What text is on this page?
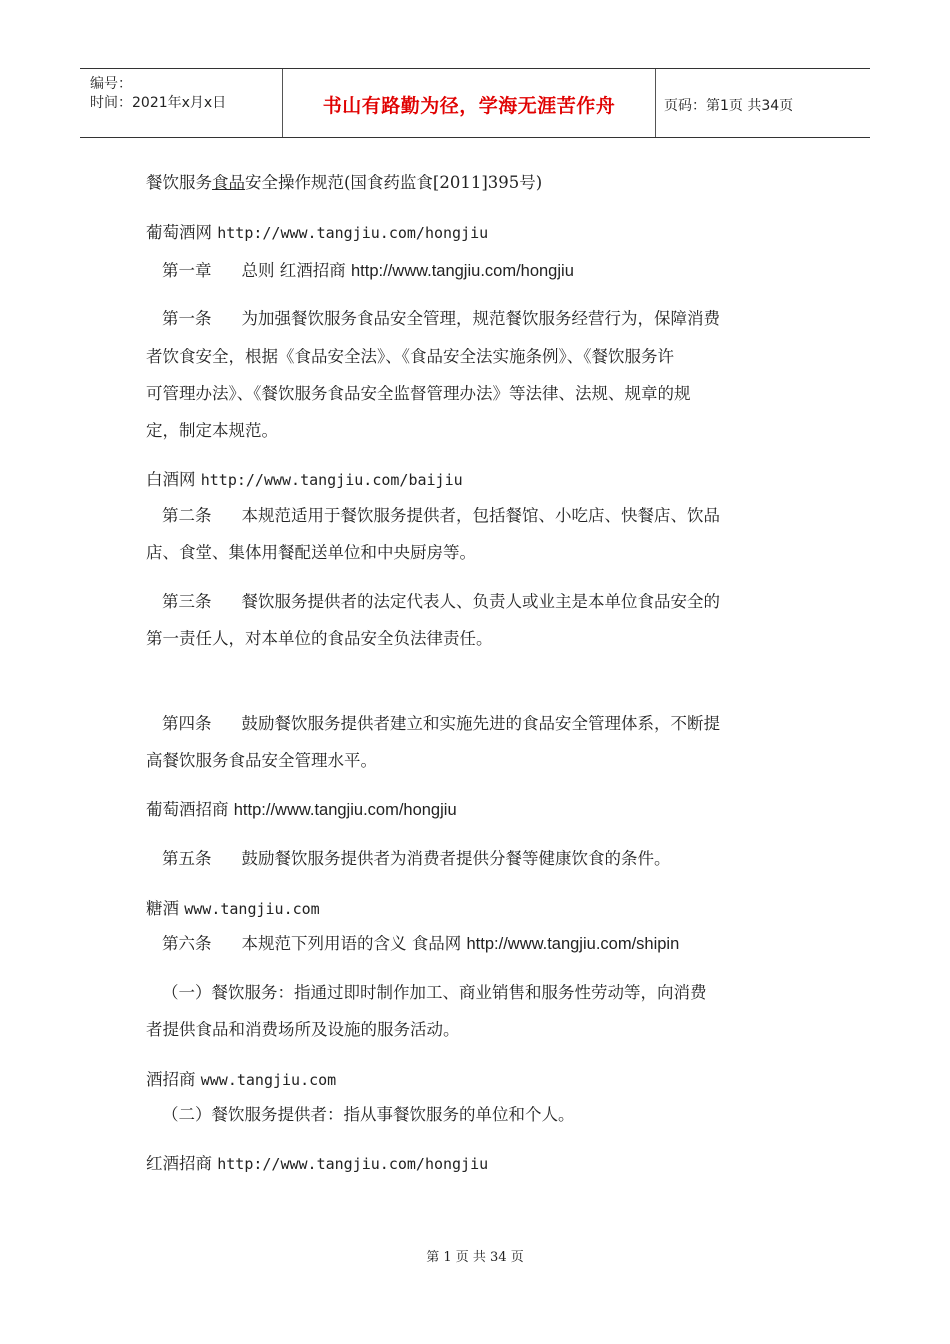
编号：
时间：2021年x月x日	书山有路勤为径，学海无涯苦作舟	页码：第1页 共34页

餐饮服务食品安全操作规范(国食药监食[2011]395号)

葡萄酒网 http://www.tangjiu.com/hongjiu

第一章 总则 红酒招商 http://www.tangjiu.com/hongjiu

第一条 为加强餐饮服务食品安全管理，规范餐饮服务经营行为，保障消费

者饮食安全，根据《食品安全法》、《食品安全法实施条例》、《餐饮服务许

可管理办法》、《餐饮服务食品安全监督管理办法》等法律、法规、规章的规

定，制定本规范。

白酒网 http://www.tangjiu.com/baijiu

第二条 本规范适用于餐饮服务提供者，包括餐馆、小吃店、快餐店、饮品

店、食堂、集体用餐配送单位和中央厨房等。

第三条 餐饮服务提供者的法定代表人、负责人或业主是本单位食品安全的

第一责任人，对本单位的食品安全负法律责任。

第四条 鼓励餐饮服务提供者建立和实施先进的食品安全管理体系，不断提

高餐饮服务食品安全管理水平。

葡萄酒招商 http://www.tangjiu.com/hongjiu

第五条 鼓励餐饮服务提供者为消费者提供分餐等健康饮食的条件。

糖酒 www.tangjiu.com

第六条 本规范下列用语的含义 食品网 http://www.tangjiu.com/shipin

（一）餐饮服务：指通过即时制作加工、商业销售和服务性劳动等，向消费

者提供食品和消费场所及设施的服务活动。

酒招商 www.tangjiu.com

（二）餐饮服务提供者：指从事餐饮服务的单位和个人。

红酒招商 http://www.tangjiu.com/hongjiu

第 1 页 共 34 页
